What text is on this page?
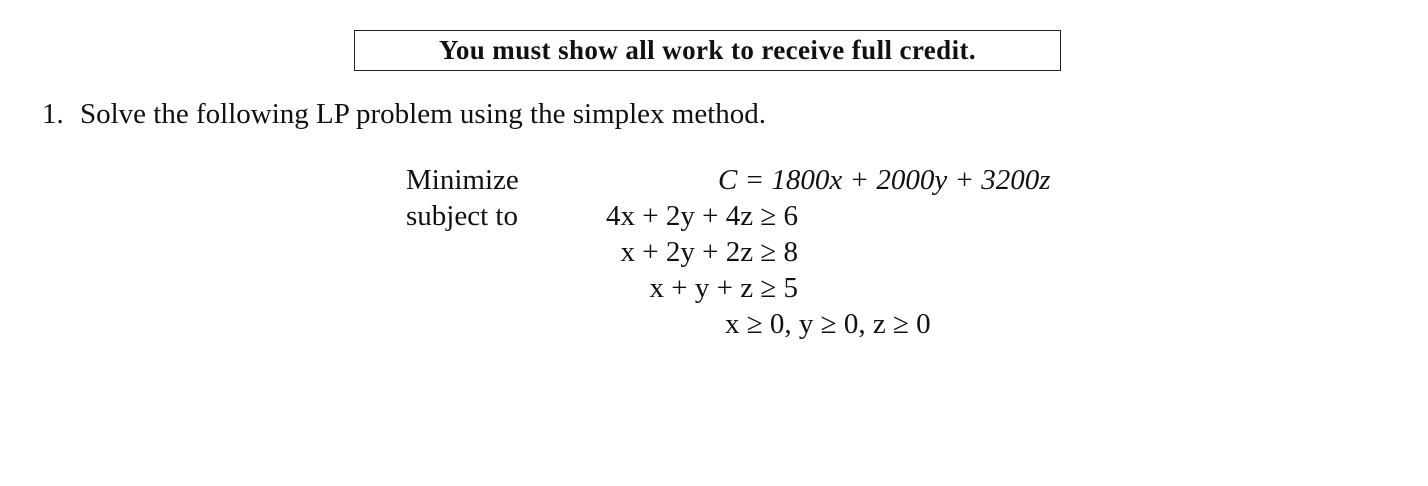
You must show all work to receive full credit.
1. Solve the following LP problem using the simplex method.
Minimize
subject to
C = 1800x + 2000y + 3200z
4x + 2y + 4z ≥ 6
x + 2y + 2z ≥ 8
x + y + z ≥ 5
x ≥ 0, y ≥ 0, z ≥ 0
